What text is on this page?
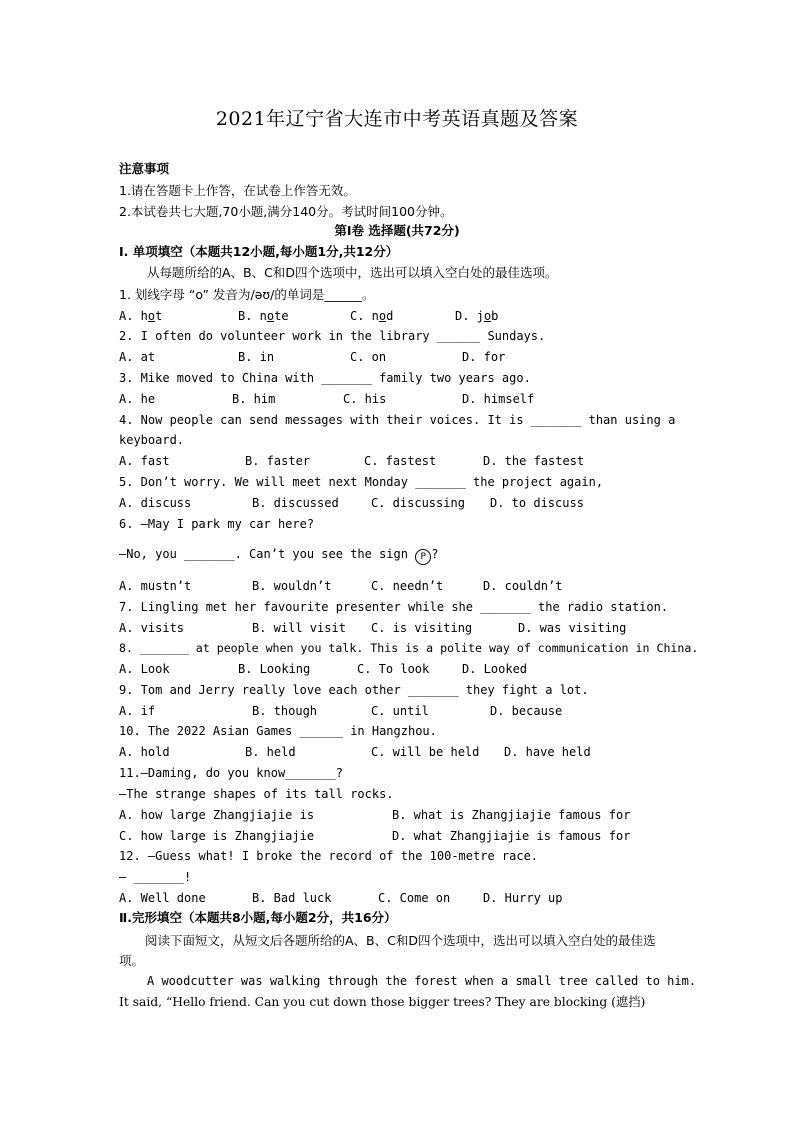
2021年辽宁省大连市中考英语真题及答案
注意事项
1.请在答题卡上作答，在试卷上作答无效。
2.本试卷共七大题,70小题,满分140分。考试时间100分钟。
第Ⅰ卷 选择题(共72分)
Ⅰ. 单项填空（本题共12小题,每小题1分,共12分）
从每题所给的A、B、C和D四个选项中，选出可以填入空白处的最佳选项。
1. 划线字母 “o” 发音为/əʊ/的单词是______。
A. hot	B. note	C. nod	D. job
2. I often do volunteer work in the library ______ Sundays.
A. at	B. in	C. on	D. for
3. Mike moved to China with _______ family two years ago.
A. he	B. him	C. his	D. himself
4. Now people can send messages with their voices. It is _______ than using a
keyboard.
A. fast	B. faster	C. fastest	D. the fastest
5. Don’t worry. We will meet next Monday _______ the project again,
A. discuss	B. discussed	C. discussing D. to discuss
6. —May I park my car here?
—No, you _______. Can’t you see the sign P ?
A. mustn’t	B. wouldn’t	C. needn’t	D. couldn’t
7. Lingling met her favourite presenter while she _______ the radio station.
A. visits	B. will visit C. is visiting	D. was visiting
8. _______ at people when you talk. This is a polite way of communication in China.
A. Look	B. Looking	C. To look	D. Looked
9. Tom and Jerry really love each other _______ they fight a lot.
A. if	B. though	C. until	D. because
10. The 2022 Asian Games ______ in Hangzhou.
A. hold	B. held	C. will be held D. have held
11.—Daming, do you know_______?
—The strange shapes of its tall rocks.
A. how large Zhangjiajie is	B. what is Zhangjiajie famous for
C. how large is Zhangjiajie	D. what Zhangjiajie is famous for
12. —Guess what! I broke the record of the 100-metre race.
— _______!
A. Well done	B. Bad luck	C. Come on	D. Hurry up
Ⅱ.完形填空（本题共8小题,每小题2分，共16分）
阅读下面短文，从短文后各题所给的A、B、C和D四个选项中，选出可以填入空白处的最佳选项。
A woodcutter was walking through the forest when a small tree called to him.
It said, “Hello friend. Can you cut down those bigger trees? They are blocking (遮挡)
